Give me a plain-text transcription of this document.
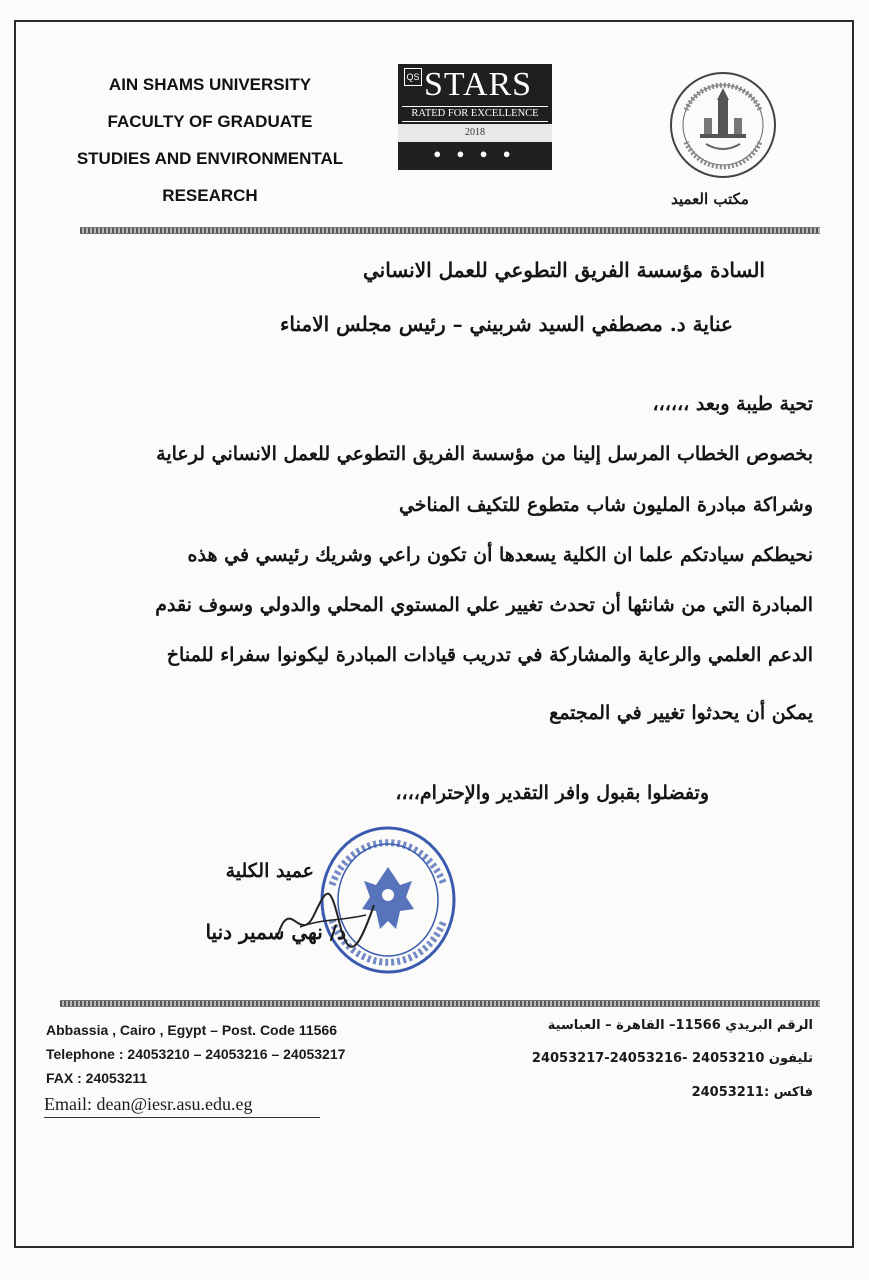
AIN SHAMS UNIVERSITY
FACULTY OF GRADUATE
STUDIES AND ENVIRONMENTAL
RESEARCH
QS STARS
RATED FOR EXCELLENCE
2018
● ● ● ●
مكتب العميد
السادة مؤسسة الفريق التطوعي للعمل الانساني
عناية د. مصطفي السيد شربيني – رئيس مجلس الامناء
تحية طيبة وبعد ،،،،،،
بخصوص الخطاب المرسل إلينا من مؤسسة الفريق التطوعي للعمل الانساني لرعاية
وشراكة مبادرة المليون شاب متطوع للتكيف المناخي
نحيطكم سيادتكم علما ان الكلية يسعدها أن تكون راعي وشريك رئيسي في هذه
المبادرة التي من شانئها أن تحدث تغيير علي المستوي المحلي والدولي وسوف نقدم
الدعم العلمي والرعاية والمشاركة في تدريب قيادات المبادرة ليكونوا سفراء للمناخ
يمكن أن يحدثوا تغيير في المجتمع
وتفضلوا بقبول وافر التقدير والإحترام،،،،
عميد الكلية
د/ نهي سمير دنيا
Abbassia , Cairo , Egypt – Post. Code 11566
Telephone : 24053210 – 24053216 – 24053217
FAX : 24053211
Email: dean@iesr.asu.edu.eg
الرقم البريدي 11566– القاهرة – العباسية
تليفون 24053210 -24053216-24053217
فاكس :24053211
